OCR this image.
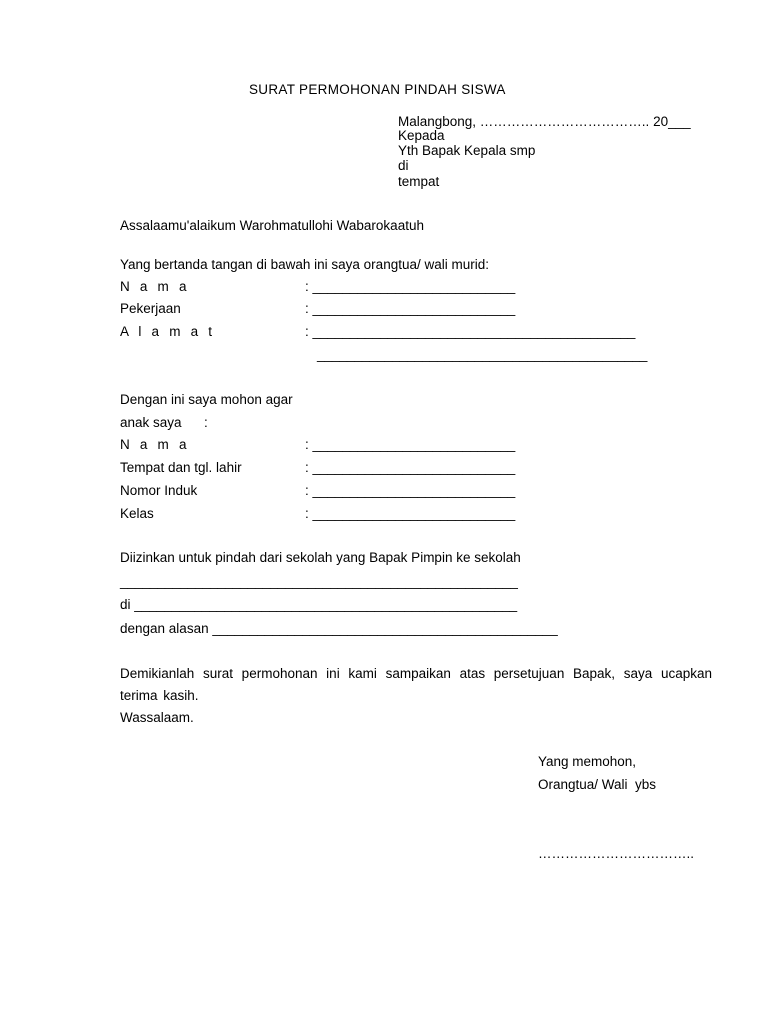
SURAT PERMOHONAN PINDAH SISWA
Malangbong, ……………………………….. 20___
Kepada
Yth Bapak Kepala smp
di
tempat
Assalaamu'alaikum Warohmatullohi Wabarokaatuh
Yang bertanda tangan di bawah ini saya orangtua/ wali murid:
N a m a	: ___________________________
Pekerjaan	: ___________________________
A l a m a t	: ___________________________________________
____________________________________________
Dengan ini saya mohon agar
anak saya      :
N a m a	: ___________________________
Tempat dan tgl. lahir	: ___________________________
Nomor Induk	: ___________________________
Kelas	: ___________________________
Diizinkan untuk pindah dari sekolah yang Bapak Pimpin ke sekolah
_____________________________________________________
di ___________________________________________________
dengan alasan ______________________________________________
Demikianlah surat permohonan ini kami sampaikan atas persetujuan Bapak, saya ucapkan terima kasih.
Wassalaam.
Yang memohon,
Orangtua/ Wali  ybs
……………………………..
